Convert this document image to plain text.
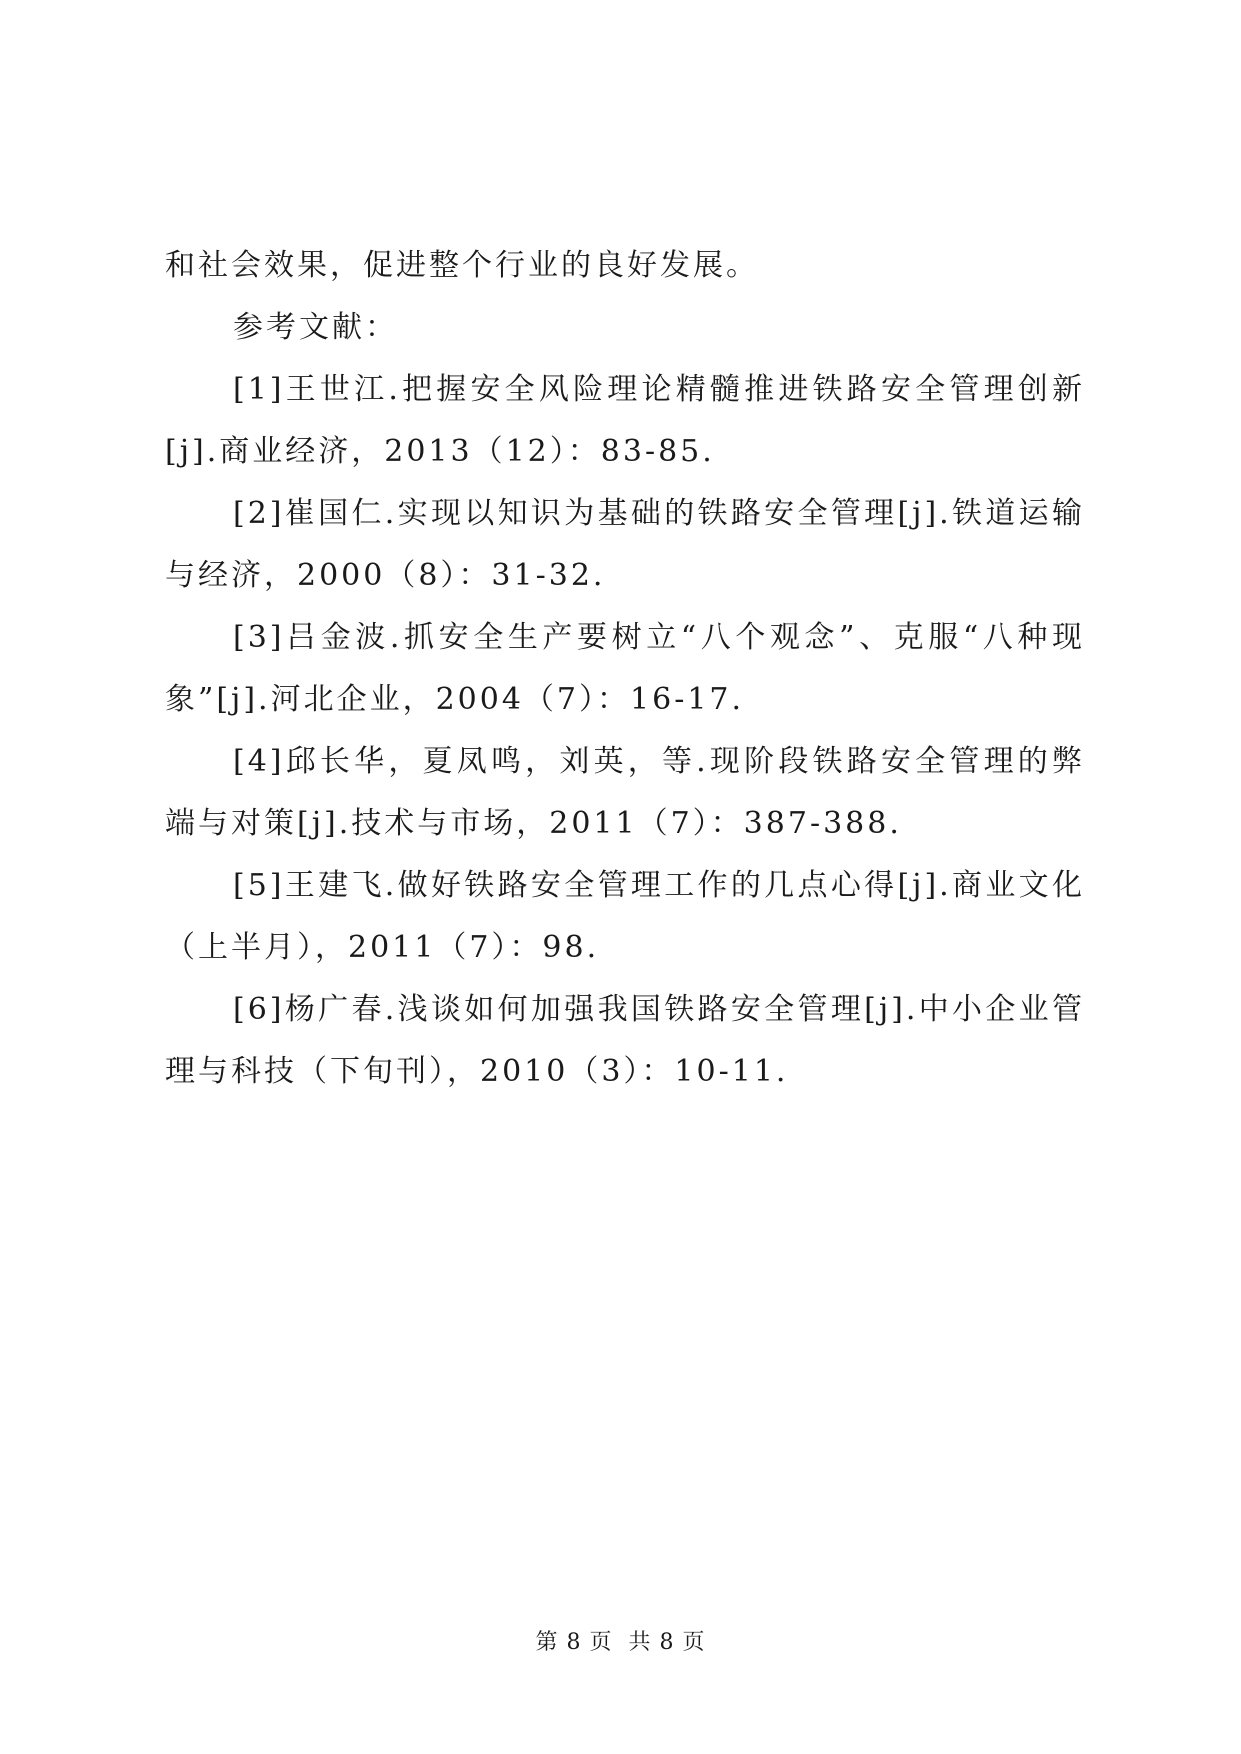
和社会效果，促进整个行业的良好发展。

参考文献：

[1]王世江.把握安全风险理论精髓推进铁路安全管理创新[j].商业经济，2013（12）：83-85.

[2]崔国仁.实现以知识为基础的铁路安全管理[j].铁道运输与经济，2000（8）：31-32.

[3]吕金波.抓安全生产要树立“八个观念”、克服“八种现象”[j].河北企业，2004（7）：16-17.

[4]邱长华，夏凤鸣，刘英，等.现阶段铁路安全管理的弊端与对策[j].技术与市场，2011（7）：387-388.

[5]王建飞.做好铁路安全管理工作的几点心得[j].商业文化（上半月），2011（7）：98.

[6]杨广春.浅谈如何加强我国铁路安全管理[j].中小企业管理与科技（下旬刊），2010（3）：10-11.

第 8 页  共 8 页
